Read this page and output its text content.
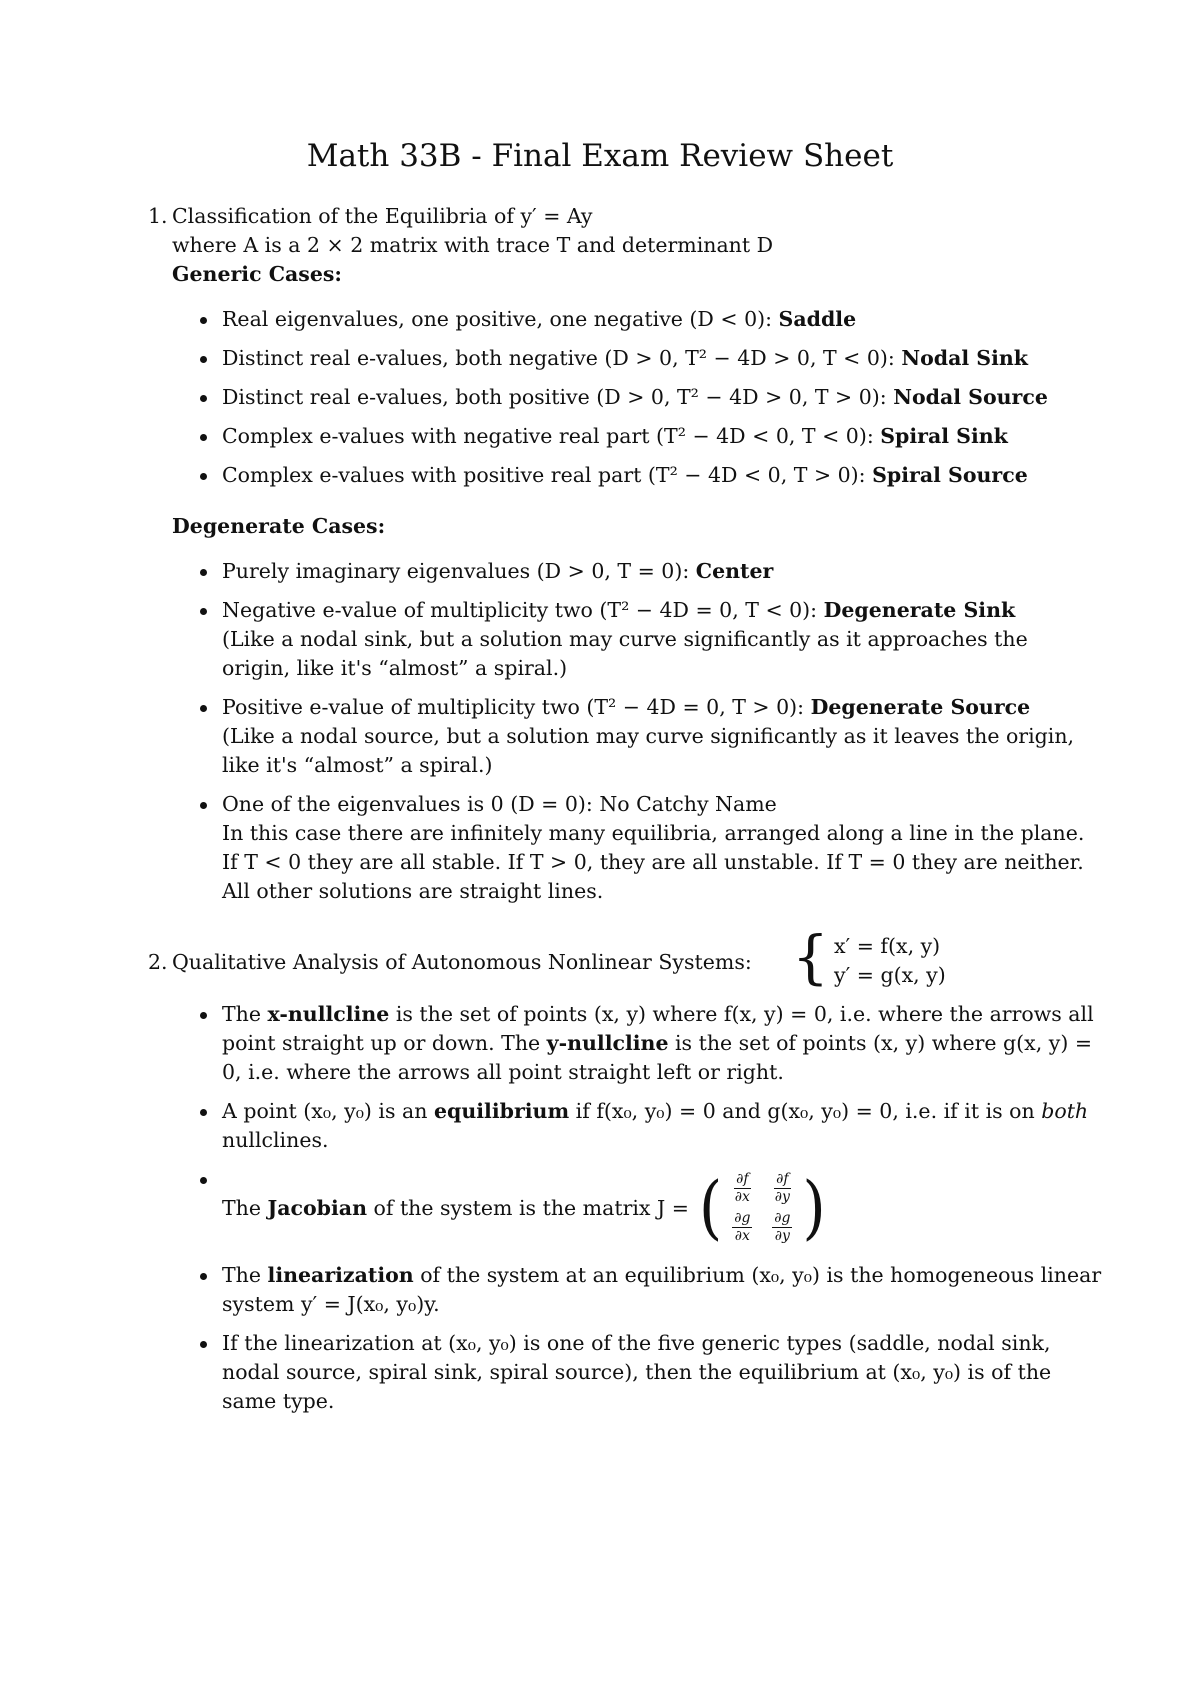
Math 33B - Final Exam Review Sheet
1. Classification of the Equilibria of y′ = Ay
where A is a 2 × 2 matrix with trace T and determinant D
Generic Cases:
Real eigenvalues, one positive, one negative (D < 0): Saddle
Distinct real e-values, both negative (D > 0, T² − 4D > 0, T < 0): Nodal Sink
Distinct real e-values, both positive (D > 0, T² − 4D > 0, T > 0): Nodal Source
Complex e-values with negative real part (T² − 4D < 0, T < 0): Spiral Sink
Complex e-values with positive real part (T² − 4D < 0, T > 0): Spiral Source
Degenerate Cases:
Purely imaginary eigenvalues (D > 0, T = 0): Center
Negative e-value of multiplicity two (T² − 4D = 0, T < 0): Degenerate Sink
(Like a nodal sink, but a solution may curve significantly as it approaches the origin, like it's “almost” a spiral.)
Positive e-value of multiplicity two (T² − 4D = 0, T > 0): Degenerate Source
(Like a nodal source, but a solution may curve significantly as it leaves the origin, like it's “almost” a spiral.)
One of the eigenvalues is 0 (D = 0): No Catchy Name
In this case there are infinitely many equilibria, arranged along a line in the plane. If T < 0 they are all stable. If T > 0, they are all unstable. If T = 0 they are neither. All other solutions are straight lines.
2. Qualitative Analysis of Autonomous Nonlinear Systems: { x′ = f(x, y)
y′ = g(x, y)
The x-nullcline is the set of points (x, y) where f(x, y) = 0, i.e. where the arrows all point straight up or down. The y-nullcline is the set of points (x, y) where g(x, y) = 0, i.e. where the arrows all point straight left or right.
A point (x₀, y₀) is an equilibrium if f(x₀, y₀) = 0 and g(x₀, y₀) = 0, i.e. if it is on both nullclines.
The Jacobian of the system is the matrix J = ( $\frac{\partial f}{\partial x} \frac{\partial f}{\partial y}$
$\frac{\partial g}{\partial x} \frac{\partial g}{\partial y}$ )
The linearization of the system at an equilibrium (x₀, y₀) is the homogeneous linear system y′ = J(x₀, y₀)y.
If the linearization at (x₀, y₀) is one of the five generic types (saddle, nodal sink, nodal source, spiral sink, spiral source), then the equilibrium at (x₀, y₀) is of the same type.
